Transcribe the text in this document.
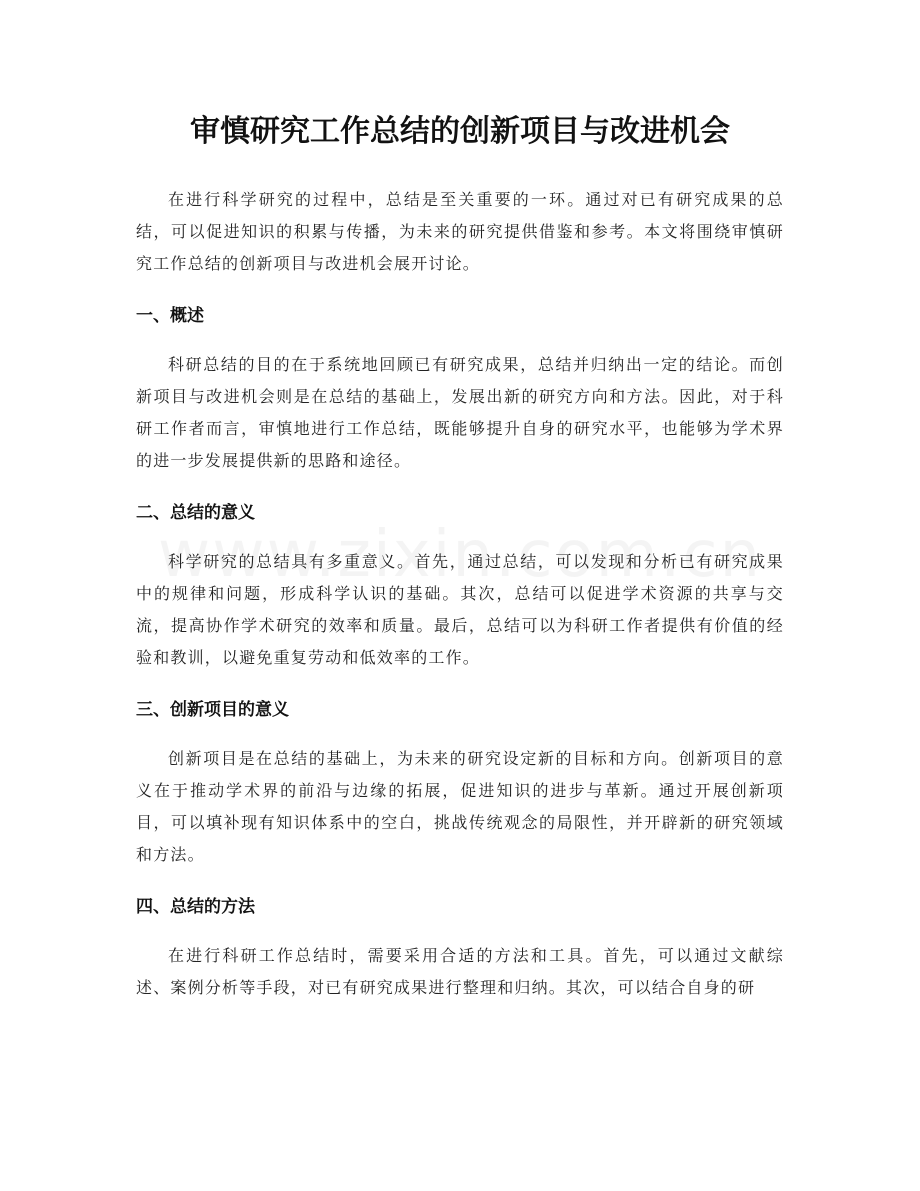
审慎研究工作总结的创新项目与改进机会

在进行科学研究的过程中，总结是至关重要的一环。通过对已有研究成果的总结，可以促进知识的积累与传播，为未来的研究提供借鉴和参考。本文将围绕审慎研究工作总结的创新项目与改进机会展开讨论。

一、概述

科研总结的目的在于系统地回顾已有研究成果，总结并归纳出一定的结论。而创新项目与改进机会则是在总结的基础上，发展出新的研究方向和方法。因此，对于科研工作者而言，审慎地进行工作总结，既能够提升自身的研究水平，也能够为学术界的进一步发展提供新的思路和途径。

二、总结的意义

科学研究的总结具有多重意义。首先，通过总结，可以发现和分析已有研究成果中的规律和问题，形成科学认识的基础。其次，总结可以促进学术资源的共享与交流，提高协作学术研究的效率和质量。最后，总结可以为科研工作者提供有价值的经验和教训，以避免重复劳动和低效率的工作。

三、创新项目的意义

创新项目是在总结的基础上，为未来的研究设定新的目标和方向。创新项目的意义在于推动学术界的前沿与边缘的拓展，促进知识的进步与革新。通过开展创新项目，可以填补现有知识体系中的空白，挑战传统观念的局限性，并开辟新的研究领域和方法。

四、总结的方法

在进行科研工作总结时，需要采用合适的方法和工具。首先，可以通过文献综述、案例分析等手段，对已有研究成果进行整理和归纳。其次，可以结合自身的研
